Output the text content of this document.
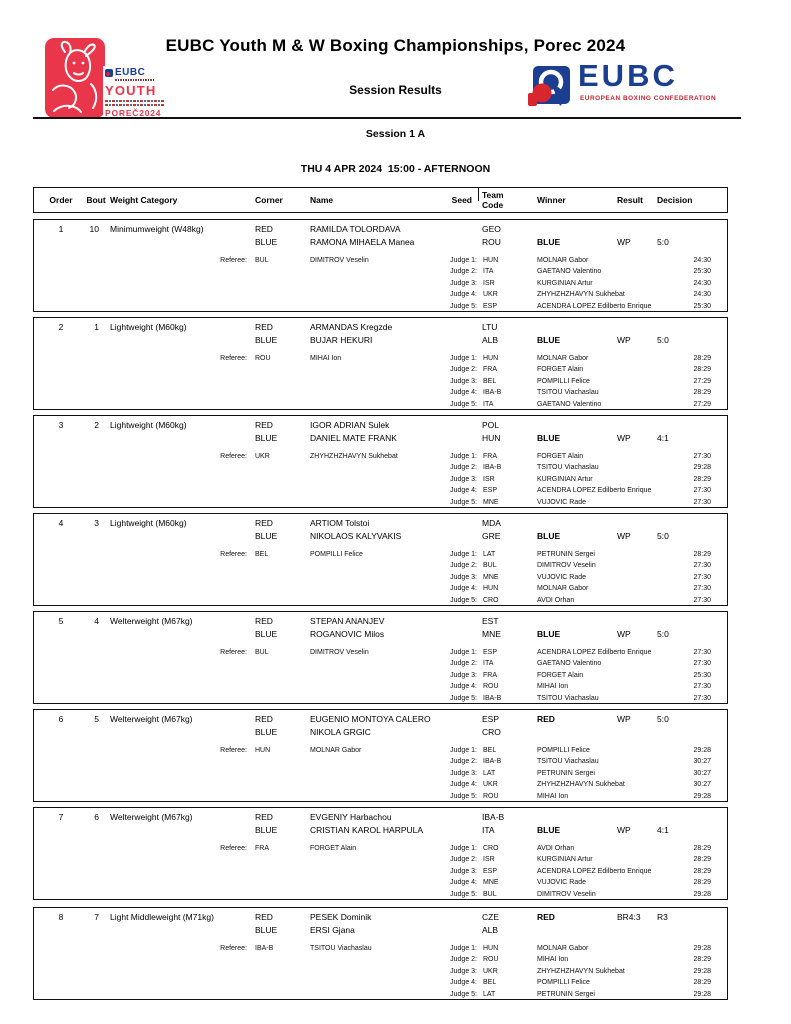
EUBC
YOUTH
POREČ2024
EUBC Youth M & W Boxing Championships, Porec 2024
Session Results	EUBC
EUROPEAN BOXING CONFEDERATION
Session 1 A
THU 4 APR 2024  15:00 - AFTERNOON
Order	Bout Weight Category	Corner	Name	Seed	Team Code	Winner	Result	Decision
1	10	Minimumweight (W48kg)	RED	RAMILDA TOLORDAVA	GEO
BLUE	RAMONA MIHAELA Manea	ROU	BLUE	WP	5:0
Referee: BUL	DIMITROV Veselin	Judge 1: HUN	MOLNAR Gabor	24:30
Judge 2: ITA	GAETANO Valentino	25:30
Judge 3: ISR	KURGINIAN Artur	24:30
Judge 4: UKR	ZHYHZHZHAVYN Sukhebat	24:30
Judge 5: ESP	ACENDRA LOPEZ Edilberto Enrique	25:30
2	1	Lightweight (M60kg)	RED	ARMANDAS Kregzde	LTU
BLUE	BUJAR HEKURI	ALB	BLUE	WP	5:0
Referee: ROU	MIHAI Ion	Judge 1: HUN	MOLNAR Gabor	28:29
Judge 2: FRA	FORGET Alain	28:29
Judge 3: BEL	POMPILLI Felice	27:29
Judge 4: IBA-B	TSITOU Viachaslau	28:29
Judge 5: ITA	GAETANO Valentino	27:29
3	2	Lightweight (M60kg)	RED	IGOR ADRIAN Sulek	POL
BLUE	DANIEL MATE FRANK	HUN	BLUE	WP	4:1
Referee: UKR	ZHYHZHZHAVYN Sukhebat	Judge 1: FRA	FORGET Alain	27:30
Judge 2: IBA-B	TSITOU Viachaslau	29:28
Judge 3: ISR	KURGINIAN Artur	28:29
Judge 4: ESP	ACENDRA LOPEZ Edilberto Enrique	27:30
Judge 5: MNE	VUJOVIC Rade	27:30
4	3	Lightweight (M60kg)	RED	ARTIOM Tolstoi	MDA
BLUE	NIKOLAOS KALYVAKIS	GRE	BLUE	WP	5:0
Referee: BEL	POMPILLI Felice	Judge 1: LAT	PETRUNIN Sergei	28:29
Judge 2: BUL	DIMITROV Veselin	27:30
Judge 3: MNE	VUJOVIC Rade	27:30
Judge 4: HUN	MOLNAR Gabor	27:30
Judge 5: CRO	AVDI Orhan	27:30
5	4	Welterweight (M67kg)	RED	STEPAN ANANJEV	EST
BLUE	ROGANOVIC Milos	MNE	BLUE	WP	5:0
Referee: BUL	DIMITROV Veselin	Judge 1: ESP	ACENDRA LOPEZ Edilberto Enrique	27:30
Judge 2: ITA	GAETANO Valentino	27:30
Judge 3: FRA	FORGET Alain	25:30
Judge 4: ROU	MIHAI Ion	27:30
Judge 5: IBA-B	TSITOU Viachaslau	27:30
6	5	Welterweight (M67kg)	RED	EUGENIO MONTOYA CALERO	ESP	RED	WP	5:0
BLUE	NIKOLA GRGIC	CRO
Referee: HUN	MOLNAR Gabor	Judge 1: BEL	POMPILLI Felice	29:28
Judge 2: IBA-B	TSITOU Viachaslau	30:27
Judge 3: LAT	PETRUNIN Sergei	30:27
Judge 4: UKR	ZHYHZHZHAVYN Sukhebat	30:27
Judge 5: ROU	MIHAI Ion	29:28
7	6	Welterweight (M67kg)	RED	EVGENIY Harbachou	IBA-B
BLUE	CRISTIAN KAROL HARPULA	ITA	BLUE	WP	4:1
Referee: FRA	FORGET Alain	Judge 1: CRO	AVDI Orhan	28:29
Judge 2: ISR	KURGINIAN Artur	28:29
Judge 3: ESP	ACENDRA LOPEZ Edilberto Enrique	28:29
Judge 4: MNE	VUJOVIC Rade	28:29
Judge 5: BUL	DIMITROV Veselin	29:28
8	7	Light Middleweight (M71kg)	RED	PESEK Dominik	CZE	RED	BR4:3	R3
BLUE	ERSI Gjana	ALB
Referee: IBA-B	TSITOU Viachaslau	Judge 1: HUN	MOLNAR Gabor	29:28
Judge 2: ROU	MIHAI Ion	28:29
Judge 3: UKR	ZHYHZHZHAVYN Sukhebat	29:28
Judge 4: BEL	POMPILLI Felice	28:29
Judge 5: LAT	PETRUNIN Sergei	29:28
